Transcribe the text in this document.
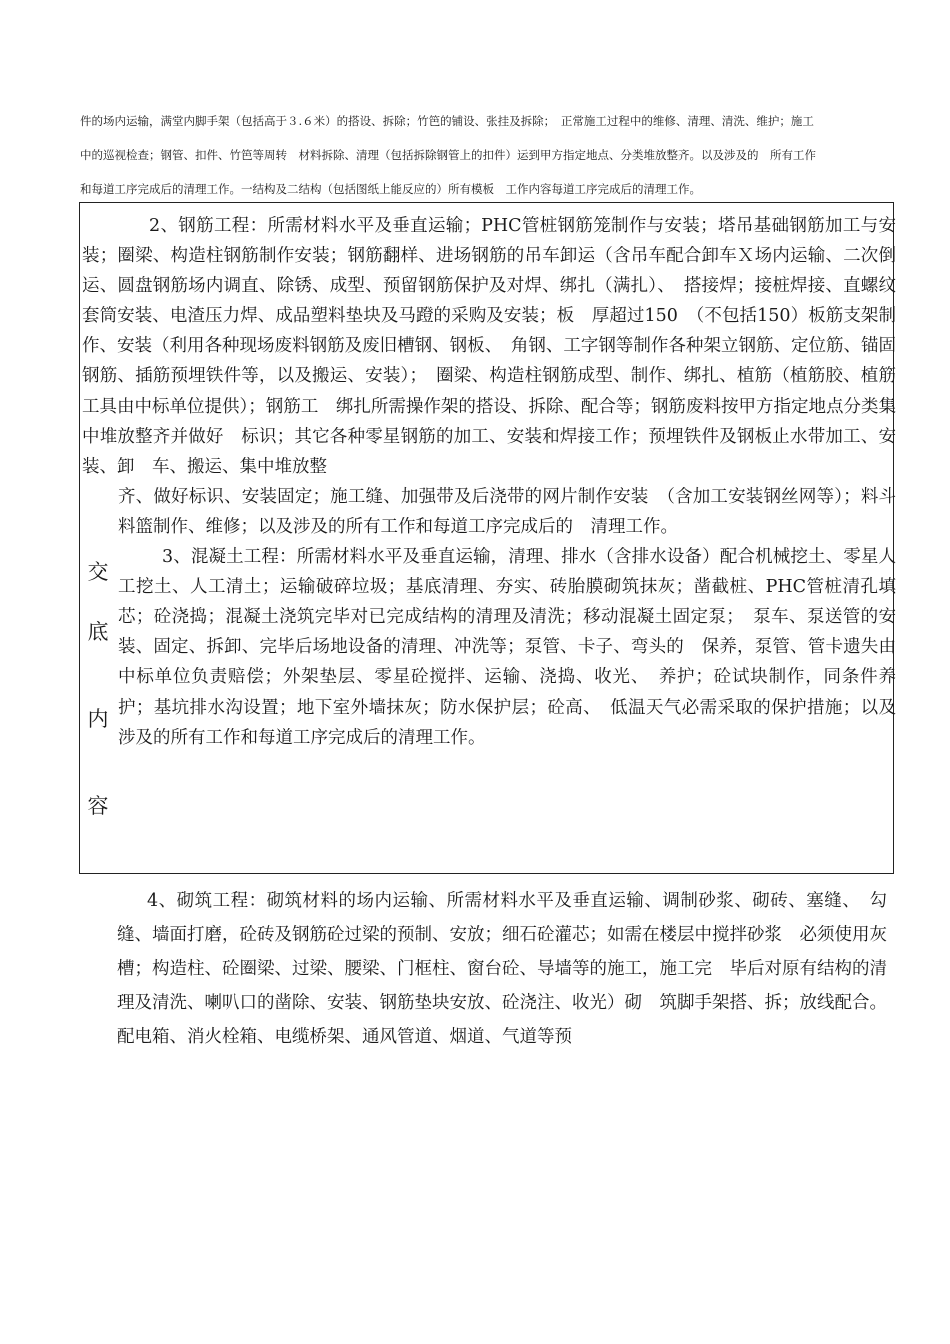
件的场内运输，满堂内脚手架（包括高于３.６米）的搭设、拆除；竹笆的铺设、张挂及拆除；　正常施工过程中的维修、清理、清洗、维护；施工

中的巡视检查；钢管、扣件、竹笆等周转　材料拆除、清理（包括拆除钢管上的扣件）运到甲方指定地点、分类堆放整齐。以及涉及的　所有工作

和每道工序完成后的清理工作。一结构及二结构（包括图纸上能反应的）所有模板　工作内容每道工序完成后的清理工作。

交
底
内
容

2、钢筋工程：所需材料水平及垂直运输；PHC管桩钢筋笼制作与安装；塔吊基础钢筋加工与安装；圈梁、构造柱钢筋制作安装；钢筋翻样、进场钢筋的吊车卸运（含吊车配合卸车Ｘ场内运输、二次倒运、圆盘钢筋场内调直、除锈、成型、预留钢筋保护及对焊、绑扎（满扎）、　搭接焊；接桩焊接、直螺纹套筒安装、电渣压力焊、成品塑料垫块及马蹬的采购及安装；板　厚超过150　（不包括150）板筋支架制作、安装（利用各种现场废料钢筋及废旧槽钢、钢板、　角钢、工字钢等制作各种架立钢筋、定位筋、锚固钢筋、插筋预埋铁件等，以及搬运、安装）；　圈梁、构造柱钢筋成型、制作、绑扎、植筋（植筋胶、植筋工具由中标单位提供）；钢筋工　绑扎所需操作架的搭设、拆除、配合等；钢筋废料按甲方指定地点分类集中堆放整齐并做好　标识；其它各种零星钢筋的加工、安装和焊接工作；预埋铁件及钢板止水带加工、安装、卸　车、搬运、集中堆放整

齐、做好标识、安装固定；施工缝、加强带及后浇带的网片制作安装　（含加工安装钢丝网等）；料斗料篮制作、维修；以及涉及的所有工作和每道工序完成后的　清理工作。

3、混凝土工程：所需材料水平及垂直运输，清理、排水（含排水设备）配合机械挖土、零星人工挖土、人工清土；运输破碎垃圾；基底清理、夯实、砖胎膜砌筑抹灰；凿截桩、PHC管桩清孔填芯；砼浇捣；混凝土浇筑完毕对已完成结构的清理及清洗；移动混凝土固定泵；　泵车、泵送管的安装、固定、拆卸、完毕后场地设备的清理、冲洗等；泵管、卡子、弯头的　保养，泵管、管卡遗失由中标单位负责赔偿；外架垫层、零星砼搅拌、运输、浇捣、收光、　养护；砼试块制作，同条件养护；基坑排水沟设置；地下室外墙抹灰；防水保护层；砼高、　低温天气必需采取的保护措施；以及涉及的所有工作和每道工序完成后的清理工作。

4、砌筑工程：砌筑材料的场内运输、所需材料水平及垂直运输、调制砂浆、砌砖、塞缝、　勾缝、墙面打磨，砼砖及钢筋砼过梁的预制、安放；细石砼灌芯；如需在楼层中搅拌砂浆　必须使用灰槽；构造柱、砼圈梁、过梁、腰梁、门框柱、窗台砼、导墙等的施工，施工完　毕后对原有结构的清理及清洗、喇叭口的凿除、安装、钢筋垫块安放、砼浇注、收光）砌　筑脚手架搭、拆；放线配合。配电箱、消火栓箱、电缆桥架、通风管道、烟道、气道等预
